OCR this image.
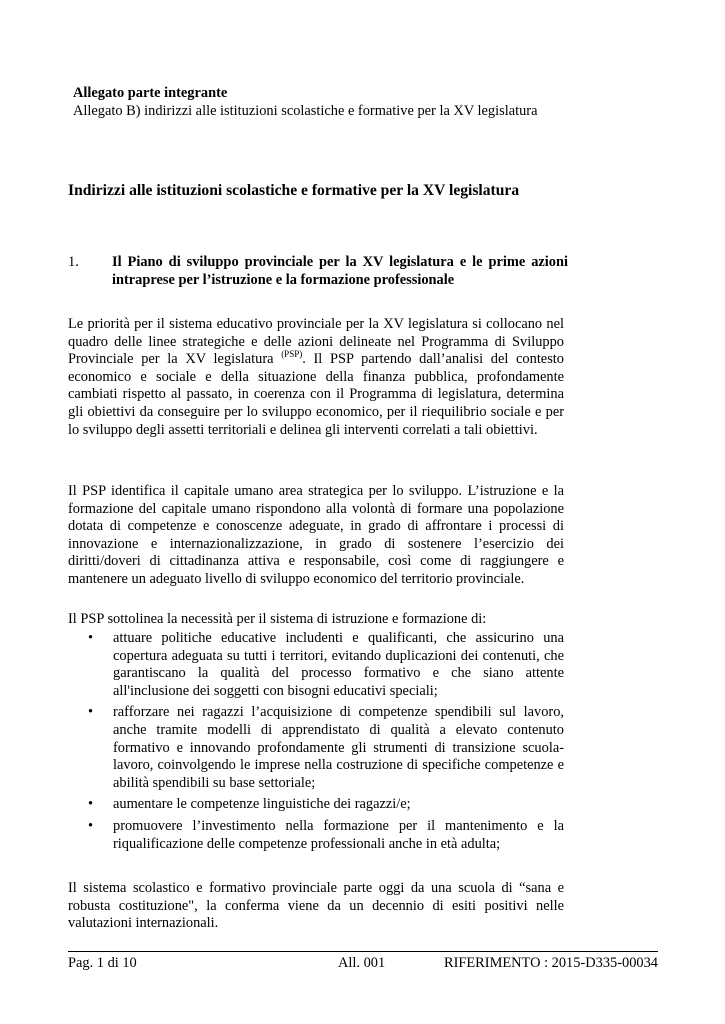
Allegato parte integrante
Allegato B) indirizzi alle istituzioni scolastiche e formative per la XV legislatura
Indirizzi alle istituzioni scolastiche e formative per la XV legislatura
1.	Il Piano di sviluppo provinciale per la XV legislatura e le prime azioni intraprese per l’istruzione e la formazione professionale
Le priorità per il sistema educativo provinciale per la XV legislatura si collocano nel quadro delle linee strategiche e delle azioni delineate nel Programma di Sviluppo Provinciale per la XV legislatura $^{(PSP)}$. Il PSP partendo dall’analisi del contesto economico e sociale e della situazione della finanza pubblica, profondamente cambiati rispetto al passato, in coerenza con il Programma di legislatura, determina gli obiettivi da conseguire per lo sviluppo economico, per il riequilibrio sociale e per lo sviluppo degli assetti territoriali e delinea gli interventi correlati a tali obiettivi.
Il PSP identifica il capitale umano area strategica per lo sviluppo. L’istruzione e la formazione del capitale umano rispondono alla volontà di formare una popolazione dotata di competenze e conoscenze adeguate, in grado di affrontare i processi di innovazione e internazionalizzazione, in grado di sostenere l’esercizio dei diritti/doveri di cittadinanza attiva e responsabile, così come di raggiungere e mantenere un adeguato livello di sviluppo economico del territorio provinciale.
Il PSP sottolinea la necessità per il sistema di istruzione e formazione di:
• attuare politiche educative includenti e qualificanti, che assicurino una copertura adeguata su tutti i territori, evitando duplicazioni dei contenuti, che garantiscano la qualità del processo formativo e che siano attente all'inclusione dei soggetti con bisogni educativi speciali;
• rafforzare nei ragazzi l’acquisizione di competenze spendibili sul lavoro, anche tramite modelli di apprendistato di qualità a elevato contenuto formativo e innovando profondamente gli strumenti di transizione scuola-lavoro, coinvolgendo le imprese nella costruzione di specifiche competenze e abilità spendibili su base settoriale;
• aumentare le competenze linguistiche dei ragazzi/e;
• promuovere l’investimento nella formazione per il mantenimento e la riqualificazione delle competenze professionali anche in età adulta;
Il sistema scolastico e formativo provinciale parte oggi da una scuola di “sana e robusta costituzione", la conferma viene da un decennio di esiti positivi nelle valutazioni internazionali.
Pag. 1 di 10	All. 001	RIFERIMENTO : 2015-D335-00034
